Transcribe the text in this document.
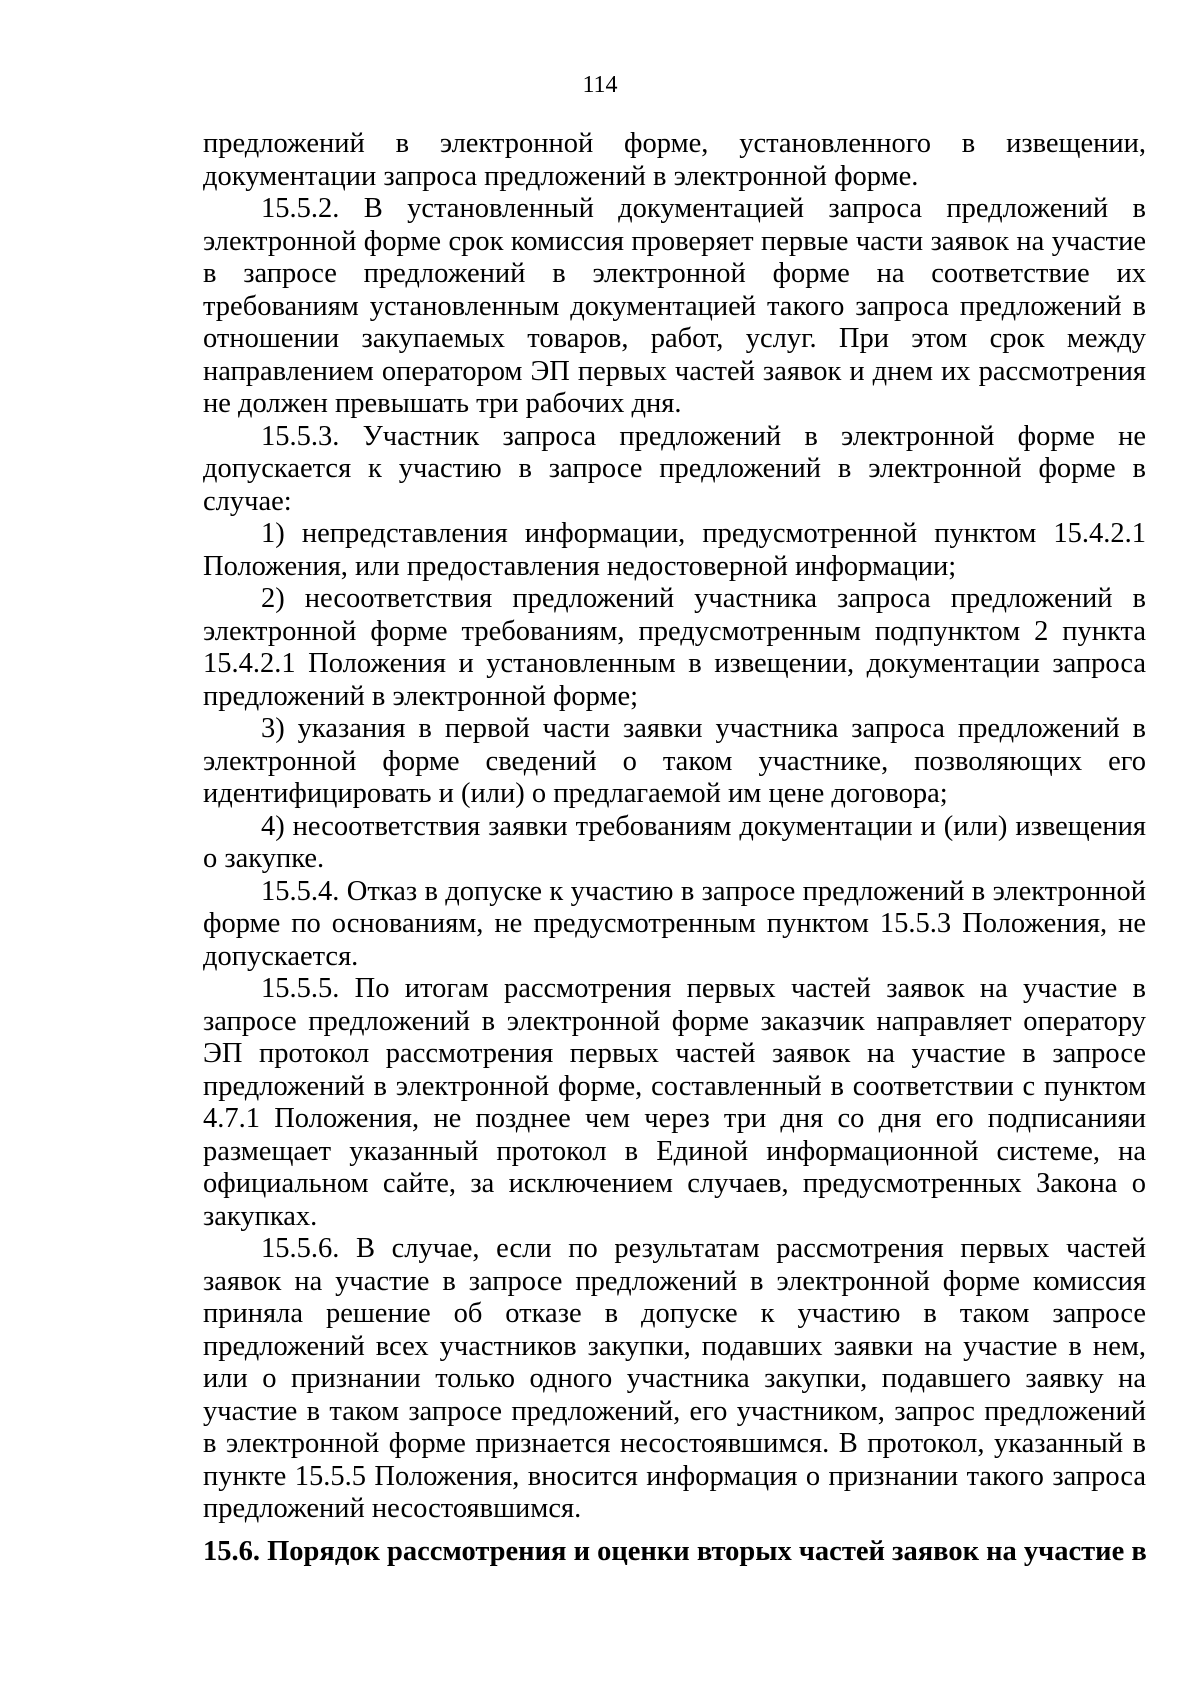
114

предложений в электронной форме, установленного в извещении, документации запроса предложений в электронной форме.

15.5.2. В установленный документацией запроса предложений в электронной форме срок комиссия проверяет первые части заявок на участие в запросе предложений в электронной форме на соответствие их требованиям установленным документацией такого запроса предложений в отношении закупаемых товаров, работ, услуг. При этом срок между направлением оператором ЭП первых частей заявок и днем их рассмотрения не должен превышать три рабочих дня.

15.5.3. Участник запроса предложений в электронной форме не допускается к участию в запросе предложений в электронной форме в случае:

1) непредставления информации, предусмотренной пунктом 15.4.2.1 Положения, или предоставления недостоверной информации;

2) несоответствия предложений участника запроса предложений в электронной форме требованиям, предусмотренным подпунктом 2 пункта 15.4.2.1 Положения и установленным в извещении, документации запроса предложений в электронной форме;

3) указания в первой части заявки участника запроса предложений в электронной форме сведений о таком участнике, позволяющих его идентифицировать и (или) о предлагаемой им цене договора;

4) несоответствия заявки требованиям документации и (или) извещения о закупке.

15.5.4. Отказ в допуске к участию в запросе предложений в электронной форме по основаниям, не предусмотренным пунктом 15.5.3 Положения, не допускается.

15.5.5. По итогам рассмотрения первых частей заявок на участие в запросе предложений в электронной форме заказчик направляет оператору ЭП протокол рассмотрения первых частей заявок на участие в запросе предложений в электронной форме, составленный в соответствии с пунктом 4.7.1 Положения, не позднее чем через три дня со дня его подписанияи размещает указанный протокол в Единой информационной системе, на официальном сайте, за исключением случаев, предусмотренных Закона о закупках.

15.5.6. В случае, если по результатам рассмотрения первых частей заявок на участие в запросе предложений в электронной форме комиссия приняла решение об отказе в допуске к участию в таком запросе предложений всех участников закупки, подавших заявки на участие в нем, или о признании только одного участника закупки, подавшего заявку на участие в таком запросе предложений, его участником, запрос предложений в электронной форме признается несостоявшимся. В протокол, указанный в пункте 15.5.5 Положения, вносится информация о признании такого запроса предложений несостоявшимся.

15.6. Порядок рассмотрения и оценки вторых частей заявок на участие в
